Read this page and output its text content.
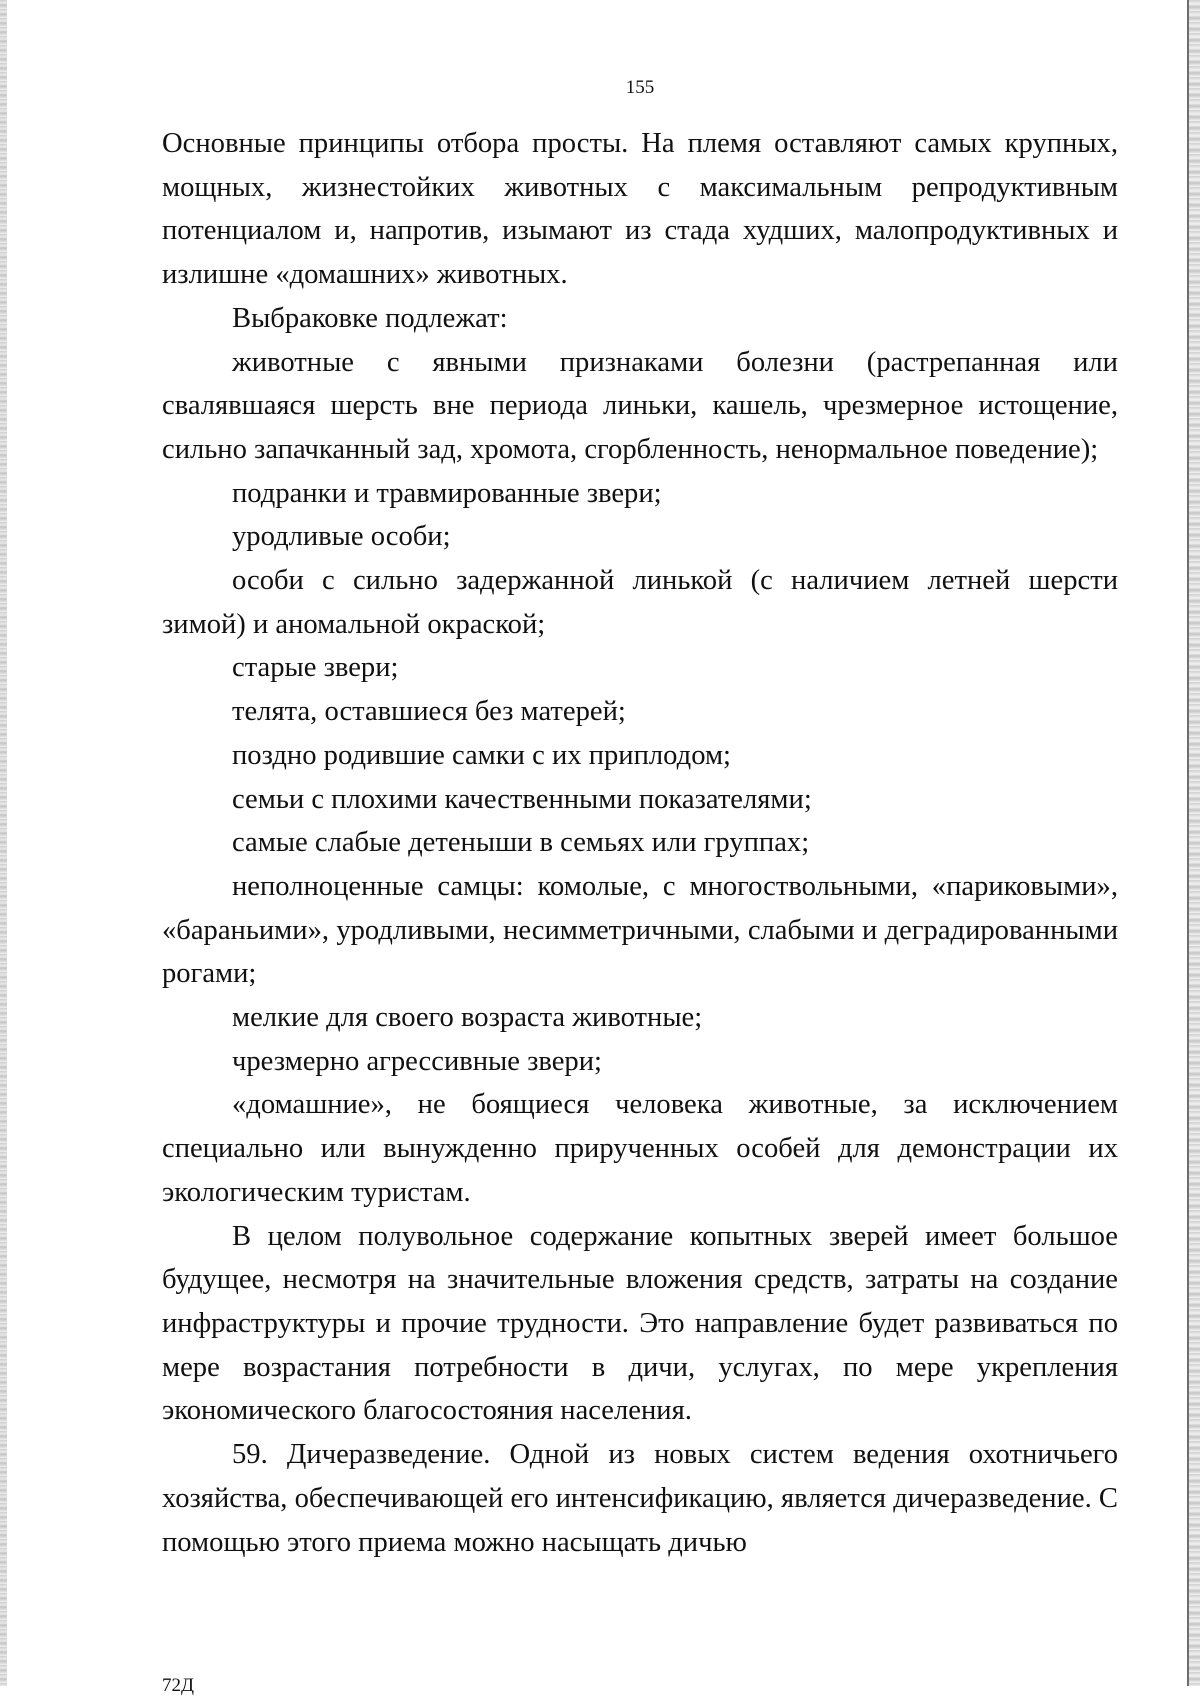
155

Основные принципы отбора просты. На племя оставляют самых крупных, мощных, жизнестойких животных с максимальным репродуктивным потенциалом и, напротив, изымают из стада худших, малопродуктивных и излишне «домашних» животных.

Выбраковке подлежат:

животные с явными признаками болезни (растрепанная или свалявшаяся шерсть вне периода линьки, кашель, чрезмерное истощение, сильно запачканный зад, хромота, сгорбленность, ненормальное поведение);

подранки и травмированные звери;

уродливые особи;

особи с сильно задержанной линькой (с наличием летней шерсти зимой) и аномальной окраской;

старые звери;

телята, оставшиеся без матерей;

поздно родившие самки с их приплодом;

семьи с плохими качественными показателями;

самые слабые детеныши в семьях или группах;

неполноценные самцы: комолые, с многоствольными, «париковыми», «бараньими», уродливыми, несимметричными, слабыми и деградированными рогами;

мелкие для своего возраста животные;

чрезмерно агрессивные звери;

«домашние», не боящиеся человека животные, за исключением специально или вынужденно прирученных особей для демонстрации их экологическим туристам.

В целом полувольное содержание копытных зверей имеет большое будущее, несмотря на значительные вложения средств, затраты на создание инфраструктуры и прочие трудности. Это направление будет развиваться по мере возрастания потребности в дичи, услугах, по мере укрепления экономического благосостояния населения.

59. Дичеразведение. Одной из новых систем ведения охотничьего хозяйства, обеспечивающей его интенсификацию, является дичеразведение. С помощью этого приема можно насыщать дичью

72Д
